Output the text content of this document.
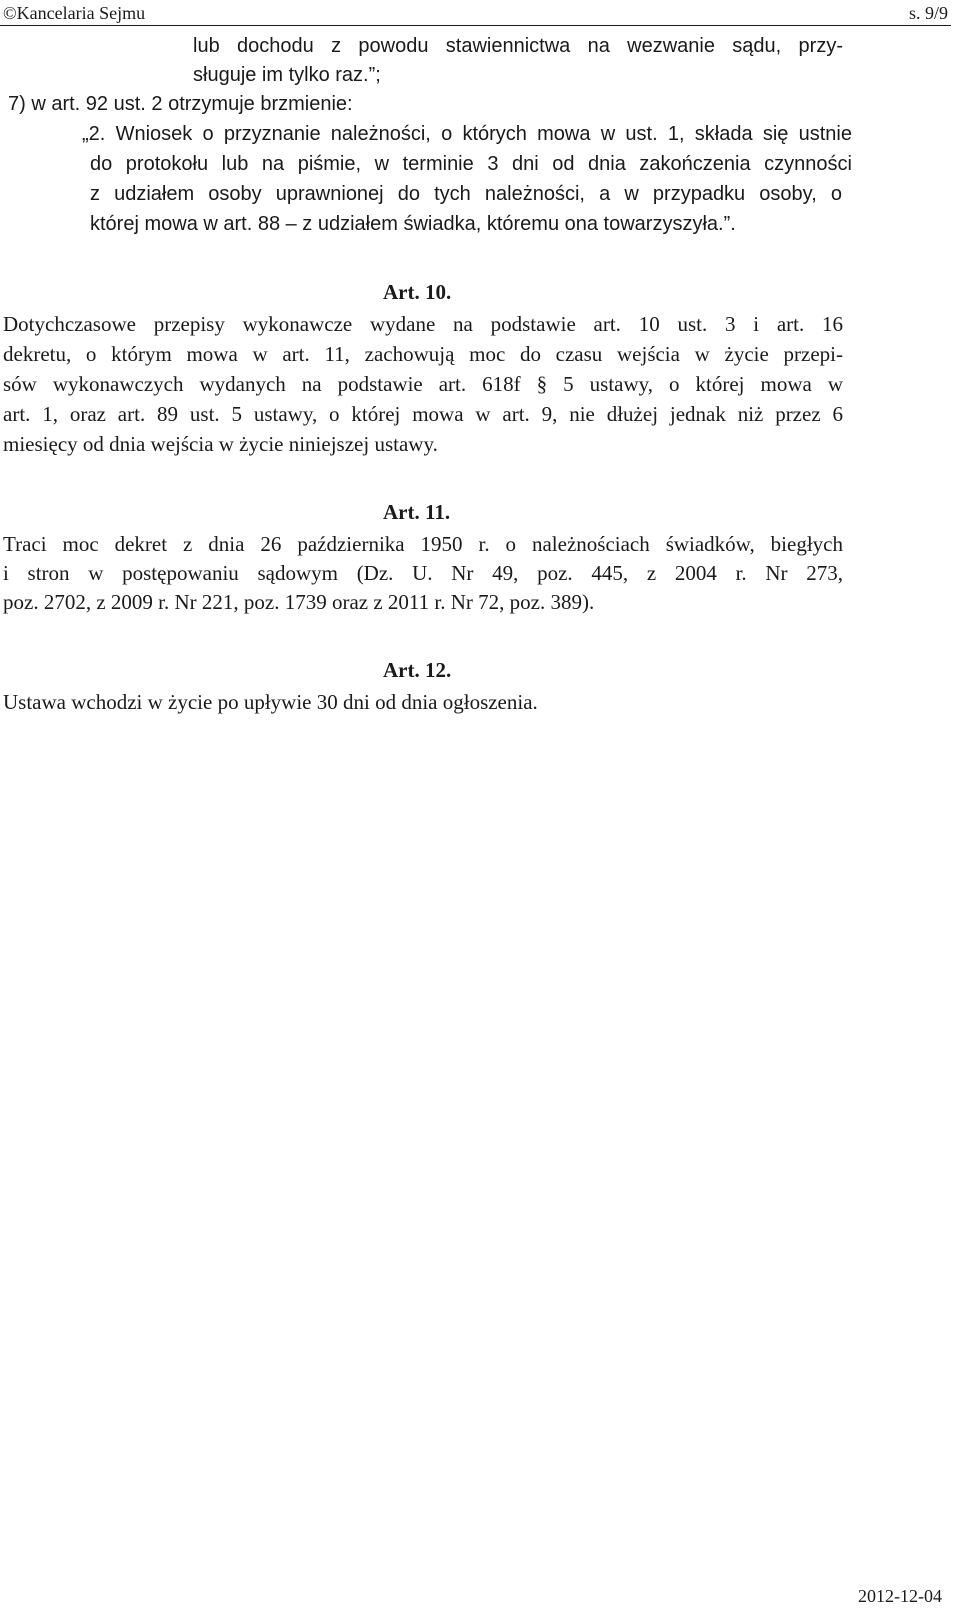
©Kancelaria Sejmu	s. 9/9
lub dochodu z powodu stawiennictwa na wezwanie sądu, przy-
sługuje im tylko raz.”;
7) w art. 92 ust. 2 otrzymuje brzmienie:
„2. Wniosek o przyznanie należności, o których mowa w ust. 1, składa się ustnie
do protokołu lub na piśmie, w terminie 3 dni od dnia zakończenia czynności
z udziałem osoby uprawnionej do tych należności, a w przypadku osoby, o
której mowa w art. 88 – z udziałem świadka, któremu ona towarzyszyła.”.
Art. 10.
Dotychczasowe przepisy wykonawcze wydane na podstawie art. 10 ust. 3 i art. 16
dekretu, o którym mowa w art. 11, zachowują moc do czasu wejścia w życie przepi-
sów wykonawczych wydanych na podstawie art. 618f § 5 ustawy, o której mowa w
art. 1, oraz art. 89 ust. 5 ustawy, o której mowa w art. 9, nie dłużej jednak niż przez 6
miesięcy od dnia wejścia w życie niniejszej ustawy.
Art. 11.
Traci moc dekret z dnia 26 października 1950 r. o należnościach świadków, biegłych
i stron w postępowaniu sądowym (Dz. U. Nr 49, poz. 445, z 2004 r. Nr 273,
poz. 2702, z 2009 r. Nr 221, poz. 1739 oraz z 2011 r. Nr 72, poz. 389).
Art. 12.
Ustawa wchodzi w życie po upływie 30 dni od dnia ogłoszenia.
2012-12-04
